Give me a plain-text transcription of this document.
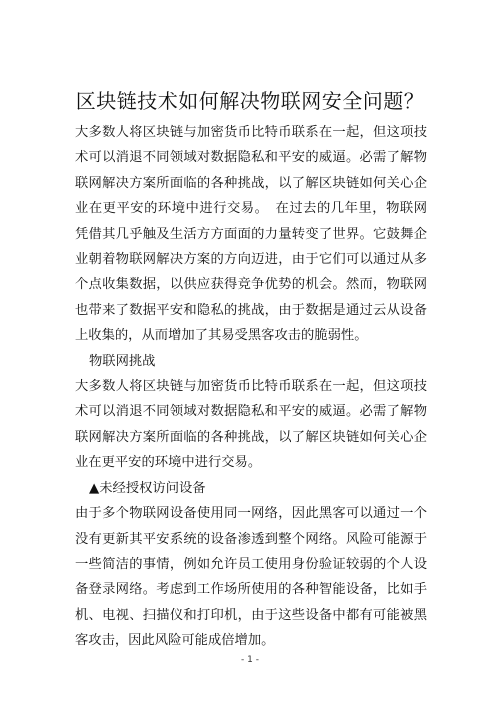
区块链技术如何解决物联网安全问题？

大多数人将区块链与加密货币比特币联系在一起，但这项技术可以消退不同领域对数据隐私和平安的威逼。必需了解物联网解决方案所面临的各种挑战，以了解区块链如何关心企业在更平安的环境中进行交易。　在过去的几年里，物联网凭借其几乎触及生活方方面面的力量转变了世界。它鼓舞企业朝着物联网解决方案的方向迈进，由于它们可以通过从多个点收集数据，以供应获得竞争优势的机会。然而，物联网也带来了数据平安和隐私的挑战，由于数据是通过云从设备上收集的，从而增加了其易受黑客攻击的脆弱性。

物联网挑战

大多数人将区块链与加密货币比特币联系在一起，但这项技术可以消退不同领域对数据隐私和平安的威逼。必需了解物联网解决方案所面临的各种挑战，以了解区块链如何关心企业在更平安的环境中进行交易。

▲未经授权访问设备

由于多个物联网设备使用同一网络，因此黑客可以通过一个没有更新其平安系统的设备渗透到整个网络。风险可能源于一些简洁的事情，例如允许员工使用身份验证较弱的个人设备登录网络。考虑到工作场所使用的各种智能设备，比如手机、电视、扫描仪和打印机，由于这些设备中都有可能被黑客攻击，因此风险可能成倍增加。

- 1 -
